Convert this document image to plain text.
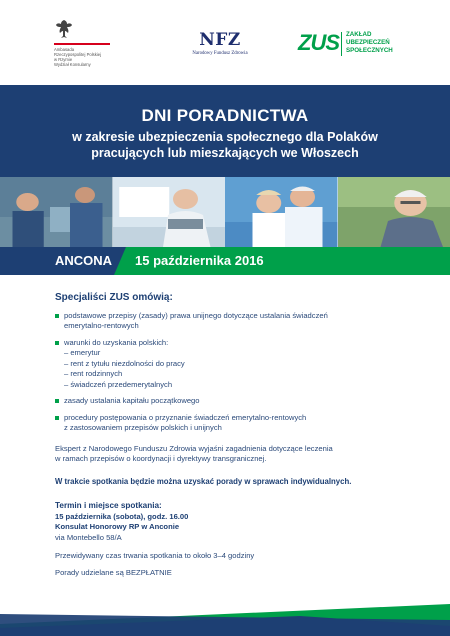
Ambasada
Rzeczypospolitej Polskiej
w Rzymie
Wydział Konsularny
NFZ
Narodowy Fundusz Zdrowia ZUS ZAKŁAD
UBEZPIECZEŃ
SPOŁECZNYCH
DNI PORADNICTWA
w zakresie ubezpieczenia społecznego dla Polaków
pracujących lub mieszkających we Włoszech
ANCONA 15 października 2016
Specjaliści ZUS omówią:
podstawowe przepisy (zasady) prawa unijnego dotyczące ustalania świadczeń
emerytalno-rentowych
warunki do uzyskania polskich:
– emerytur
– rent z tytułu niezdolności do pracy
– rent rodzinnych
– świadczeń przedemerytalnych
zasady ustalania kapitału początkowego
procedury postępowania o przyznanie świadczeń emerytalno-rentowych
z zastosowaniem przepisów polskich i unijnych
Ekspert z Narodowego Funduszu Zdrowia wyjaśni zagadnienia dotyczące leczenia
w ramach przepisów o koordynacji i dyrektywy transgranicznej.
W trakcie spotkania będzie można uzyskać porady w sprawach indywidualnych.
Termin i miejsce spotkania:
15 października (sobota), godz. 16.00
Konsulat Honorowy RP w Anconie
via Montebello 58/A
Przewidywany czas trwania spotkania to około 3–4 godziny
Porady udzielane są BEZPŁATNIE
